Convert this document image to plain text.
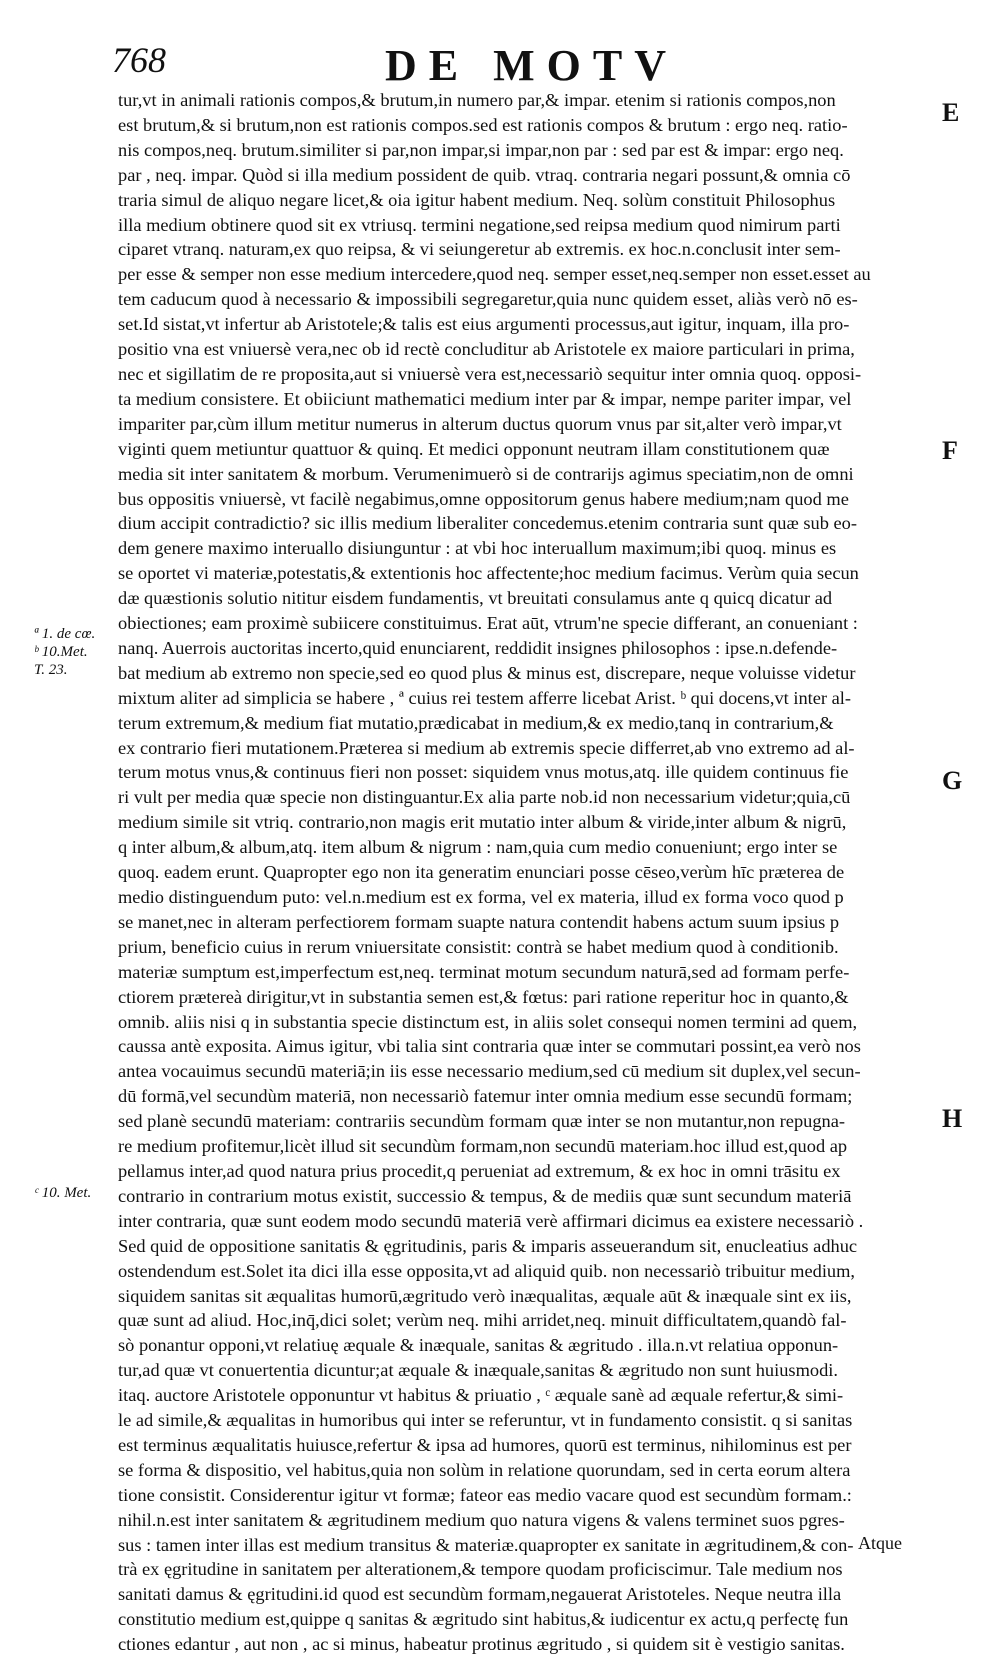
768	DE MOTV
E
F
G
H
ª 1. de cœ.
ᵇ 10.Met.
T. 23.
ᶜ 10. Met.
tur,vt in animali rationis compos,& brutum,in numero par,& impar. etenim si rationis compos,non
est brutum,& si brutum,non est rationis compos.sed est rationis compos & brutum : ergo neq. ratio-
nis compos,neq. brutum.similiter si par,non impar,si impar,non par : sed par est & impar: ergo neq.
par , neq. impar. Quòd si illa medium possident de quib. vtraq. contraria negari possunt,& omnia cō
traria simul de aliquo negare licet,& oia igitur habent medium. Neq. solùm constituit Philosophus
illa medium obtinere quod sit ex vtriusq. termini negatione,sed reipsa medium quod nimirum parti
ciparet vtranq. naturam,ex quo reipsa, & vi seiungeretur ab extremis. ex hoc.n.conclusit inter sem-
per esse & semper non esse medium intercedere,quod neq. semper esset,neq.semper non esset.esset au
tem caducum quod à necessario & impossibili segregaretur,quia nunc quidem esset, aliàs verò nō es-
set.Id sistat,vt infertur ab Aristotele;& talis est eius argumenti processus,aut igitur, inquam, illa pro-
positio vna est vniuersè vera,nec ob id rectè concluditur ab Aristotele ex maiore particulari in prima,
nec et sigillatim de re proposita,aut si vniuersè vera est,necessariò sequitur inter omnia quoq. opposi-
ta medium consistere. Et obiiciunt mathematici medium inter par & impar, nempe pariter impar, vel
impariter par,cùm illum metitur numerus in alterum ductus quorum vnus par sit,alter verò impar,vt
viginti quem metiuntur quattuor & quinq. Et medici opponunt neutram illam constitutionem quæ
media sit inter sanitatem & morbum. Verumenimuerò si de contrarijs agimus speciatim,non de omni
bus oppositis vniuersè, vt facilè negabimus,omne oppositorum genus habere medium;nam quod me
dium accipit contradictio? sic illis medium liberaliter concedemus.etenim contraria sunt quæ sub eo-
dem genere maximo interuallo disiunguntur : at vbi hoc interuallum maximum;ibi quoq. minus es
se oportet vi materiæ,potestatis,& extentionis hoc affectente;hoc medium facimus. Verùm quia secun
dæ quæstionis solutio nititur eisdem fundamentis, vt breuitati consulamus ante q quicq dicatur ad
obiectiones; eam proximè subiicere constituimus. Erat aūt, vtrum'ne specie differant, an conueniant :
nanq. Auerrois auctoritas incerto,quid enunciarent, reddidit insignes philosophos : ipse.n.defende-
bat medium ab extremo non specie,sed eo quod plus & minus est, discrepare, neque voluisse videtur
mixtum aliter ad simplicia se habere , ª cuius rei testem afferre licebat Arist. ᵇ qui docens,vt inter al-
terum extremum,& medium fiat mutatio,prædicabat in medium,& ex medio,tanq in contrarium,&
ex contrario fieri mutationem.Præterea si medium ab extremis specie differret,ab vno extremo ad al-
terum motus vnus,& continuus fieri non posset: siquidem vnus motus,atq. ille quidem continuus fie
ri vult per media quæ specie non distinguantur.Ex alia parte nob.id non necessarium videtur;quia,cū
medium simile sit vtriq. contrario,non magis erit mutatio inter album & viride,inter album & nigrū,
q inter album,& album,atq. item album & nigrum : nam,quia cum medio conueniunt; ergo inter se
quoq. eadem erunt. Quapropter ego non ita generatim enunciari posse cēseo,verùm hīc præterea de
medio distinguendum puto: vel.n.medium est ex forma, vel ex materia, illud ex forma voco quod p
se manet,nec in alteram perfectiorem formam suapte natura contendit habens actum suum ipsius p
prium, beneficio cuius in rerum vniuersitate consistit: contrà se habet medium quod à conditionib.
materiæ sumptum est,imperfectum est,neq. terminat motum secundum naturā,sed ad formam perfe-
ctiorem prætereà dirigitur,vt in substantia semen est,& fœtus: pari ratione reperitur hoc in quanto,&
omnib. aliis nisi q in substantia specie distinctum est, in aliis solet consequi nomen termini ad quem,
caussa antè exposita. Aimus igitur, vbi talia sint contraria quæ inter se commutari possint,ea verò nos
antea vocauimus secundū materiā;in iis esse necessario medium,sed cū medium sit duplex,vel secun-
dū formā,vel secundùm materiā, non necessariò fatemur inter omnia medium esse secundū formam;
sed planè secundū materiam: contrariis secundùm formam quæ inter se non mutantur,non repugna-
re medium profitemur,licèt illud sit secundùm formam,non secundū materiam.hoc illud est,quod ap
pellamus inter,ad quod natura prius procedit,q perueniat ad extremum, & ex hoc in omni trāsitu ex
contrario in contrarium motus existit, successio & tempus, & de mediis quæ sunt secundum materiā
inter contraria, quæ sunt eodem modo secundū materiā verè affirmari dicimus ea existere necessariò .
Sed quid de oppositione sanitatis & ęgritudinis, paris & imparis asseuerandum sit, enucleatius adhuc
ostendendum est.Solet ita dici illa esse opposita,vt ad aliquid quib. non necessariò tribuitur medium,
siquidem sanitas sit æqualitas humorū,ægritudo verò inæqualitas, æquale aūt & inæquale sint ex iis,
quæ sunt ad aliud. Hoc,inq̄,dici solet; verùm neq. mihi arridet,neq. minuit difficultatem,quandò fal-
sò ponantur opponi,vt relatiuę æquale & inæquale, sanitas & ægritudo . illa.n.vt relatiua opponun-
tur,ad quæ vt conuertentia dicuntur;at æquale & inæquale,sanitas & ægritudo non sunt huiusmodi.
itaq. auctore Aristotele opponuntur vt habitus & priuatio , ᶜ æquale sanè ad æquale refertur,& simi-
le ad simile,& æqualitas in humoribus qui inter se referuntur, vt in fundamento consistit. q si sanitas
est terminus æqualitatis huiusce,refertur & ipsa ad humores, quorū est terminus, nihilominus est per
se forma & dispositio, vel habitus,quia non solùm in relatione quorundam, sed in certa eorum altera
tione consistit. Considerentur igitur vt formæ; fateor eas medio vacare quod est secundùm formam.:
nihil.n.est inter sanitatem & ægritudinem medium quo natura vigens & valens terminet suos pgres-
sus : tamen inter illas est medium transitus & materiæ.quapropter ex sanitate in ægritudinem,& con-
trà ex ęgritudine in sanitatem per alterationem,& tempore quodam proficiscimur. Tale medium nos
sanitati damus & ęgritudini.id quod est secundùm formam,negauerat Aristoteles. Neque neutra illa
constitutio medium est,quippe q sanitas & ægritudo sint habitus,& iudicentur ex actu,q perfectę fun
ctiones edantur , aut non , ac si minus, habeatur protinus ægritudo , si quidem sit è vestigio sanitas.
Atque
